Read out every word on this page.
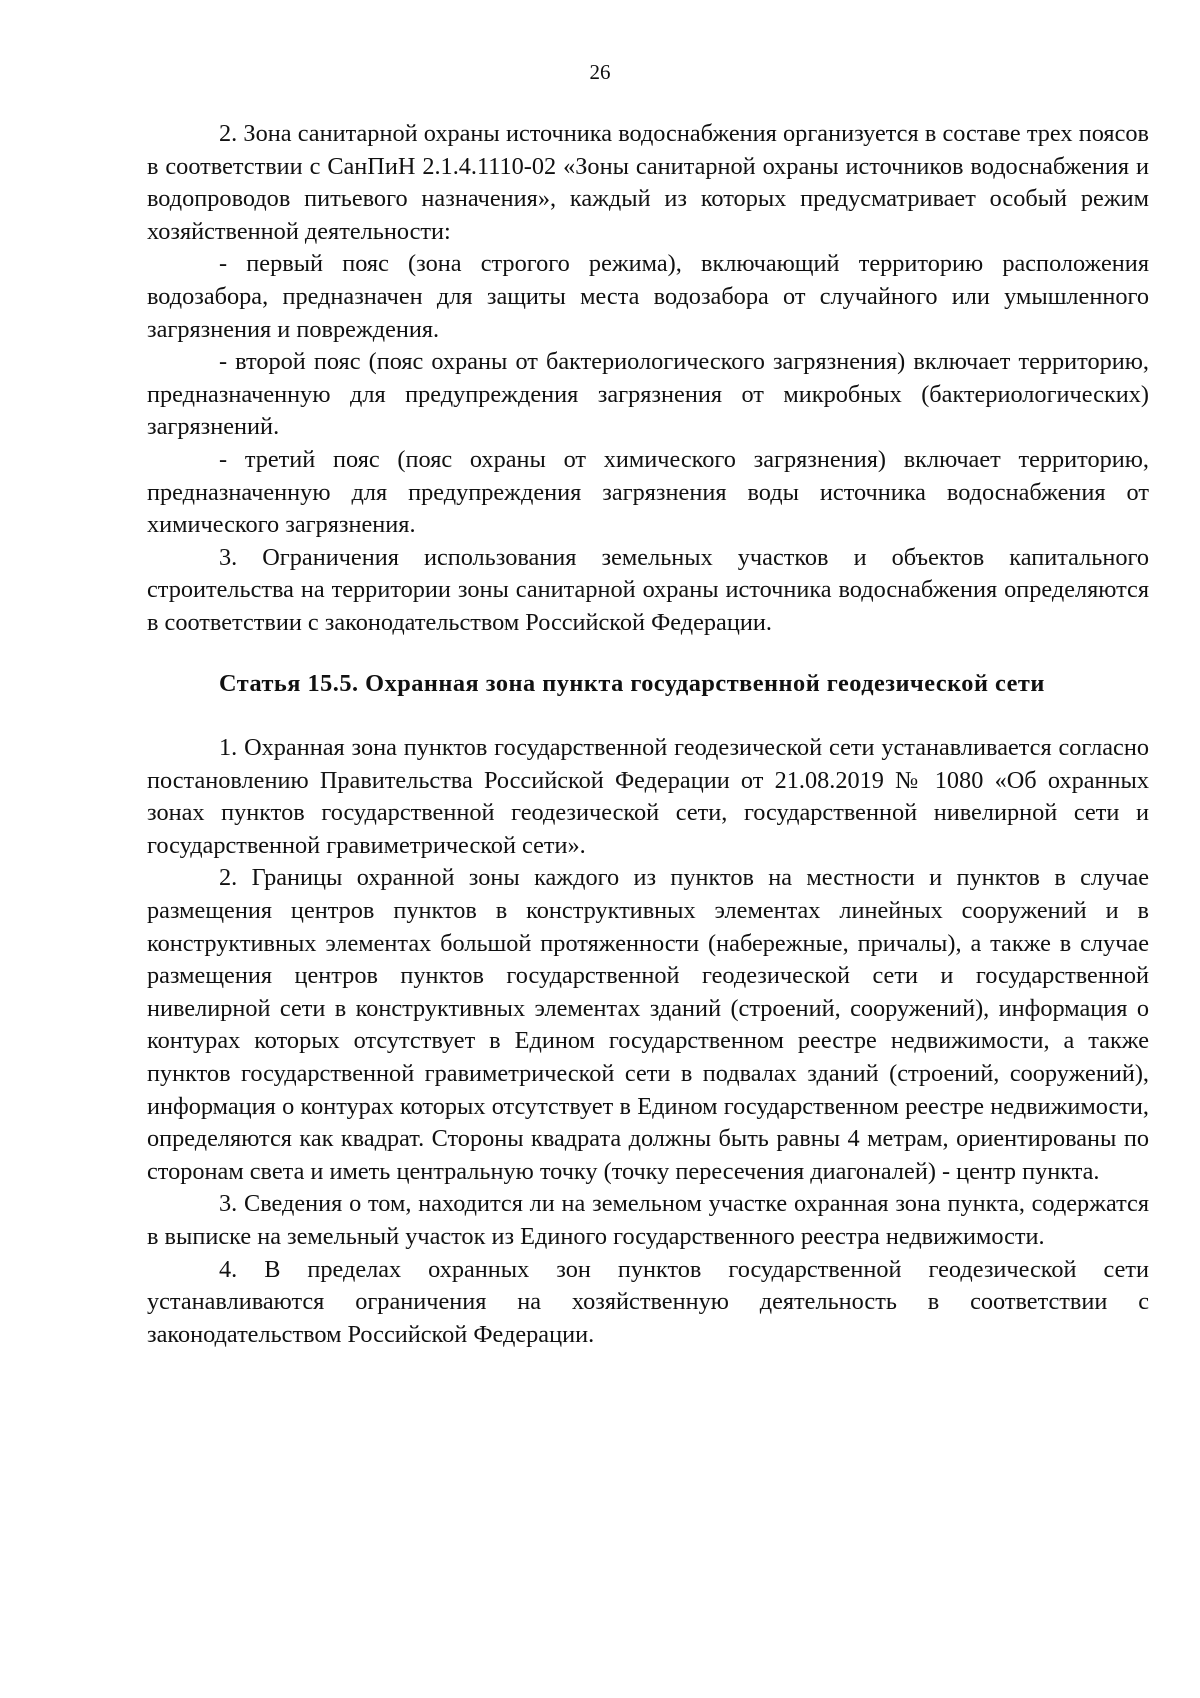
26

2. Зона санитарной охраны источника водоснабжения организуется в составе трех поясов в соответствии с СанПиН 2.1.4.1110-02 «Зоны санитарной охраны источников водоснабжения и водопроводов питьевого назначения», каждый из которых предусматривает особый режим хозяйственной деятельности:

- первый пояс (зона строгого режима), включающий территорию расположения водозабора, предназначен для защиты места водозабора от случайного или умышленного загрязнения и повреждения.

- второй пояс (пояс охраны от бактериологического загрязнения) включает территорию, предназначенную для предупреждения загрязнения от микробных (бактериологических) загрязнений.

- третий пояс (пояс охраны от химического загрязнения) включает территорию, предназначенную для предупреждения загрязнения воды источника водоснабжения от химического загрязнения.

3. Ограничения использования земельных участков и объектов капитального строительства на территории зоны санитарной охраны источника водоснабжения определяются в соответствии с законодательством Российской Федерации.

Статья 15.5. Охранная зона пункта государственной геодезической сети

1. Охранная зона пунктов государственной геодезической сети устанавливается согласно постановлению Правительства Российской Федерации от 21.08.2019 № 1080 «Об охранных зонах пунктов государственной геодезической сети, государственной нивелирной сети и государственной гравиметрической сети».

2. Границы охранной зоны каждого из пунктов на местности и пунктов в случае размещения центров пунктов в конструктивных элементах линейных сооружений и в конструктивных элементах большой протяженности (набережные, причалы), а также в случае размещения центров пунктов государственной геодезической сети и государственной нивелирной сети в конструктивных элементах зданий (строений, сооружений), информация о контурах которых отсутствует в Едином государственном реестре недвижимости, а также пунктов государственной гравиметрической сети в подвалах зданий (строений, сооружений), информация о контурах которых отсутствует в Едином государственном реестре недвижимости, определяются как квадрат. Стороны квадрата должны быть равны 4 метрам, ориентированы по сторонам света и иметь центральную точку (точку пересечения диагоналей) - центр пункта.

3. Сведения о том, находится ли на земельном участке охранная зона пункта, содержатся в выписке на земельный участок из Единого государственного реестра недвижимости.

4. В пределах охранных зон пунктов государственной геодезической сети устанавливаются ограничения на хозяйственную деятельность в соответствии с законодательством Российской Федерации.
